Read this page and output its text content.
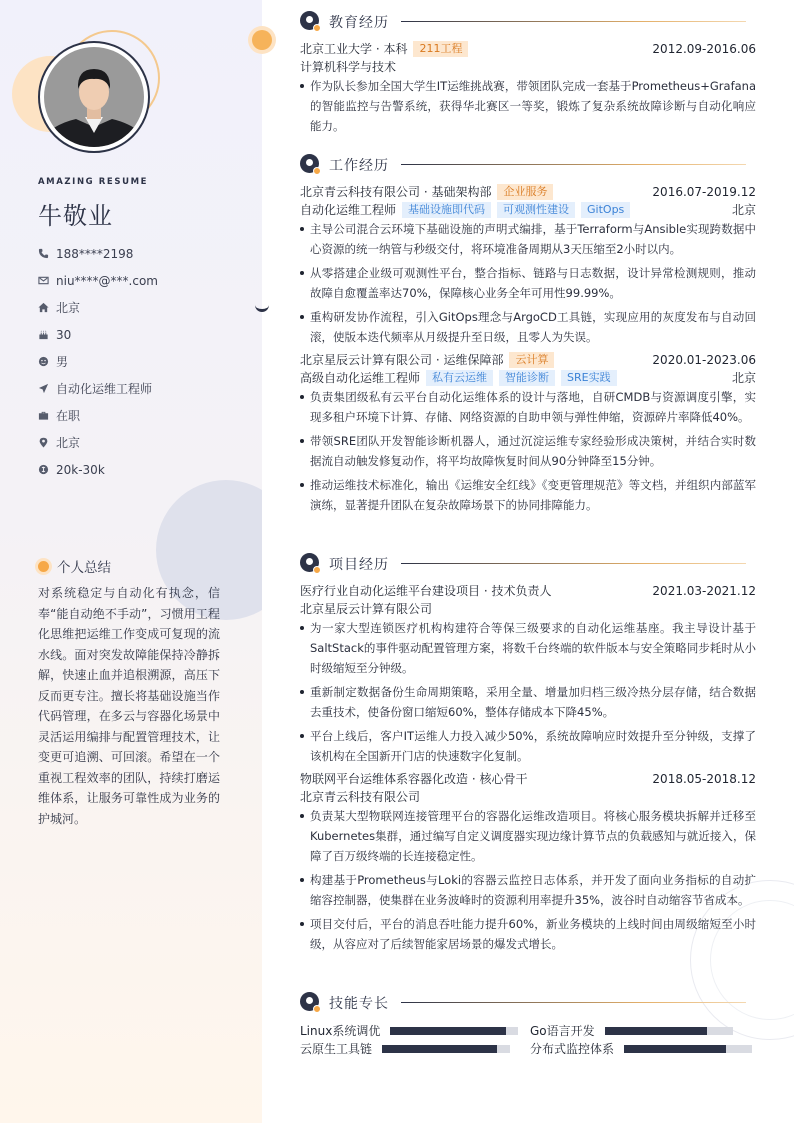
AMAZING RESUME
牛敬业
188****2198
niu****@***.com
北京
30
男
自动化运维工程师
在职
北京
20k-30k
个人总结
对系统稳定与自动化有执念，信奉“能自动绝不手动”，习惯用工程化思维把运维工作变成可复现的流水线。面对突发故障能保持冷静拆解，快速止血并追根溯源，高压下反而更专注。擅长将基础设施当作代码管理，在多云与容器化场景中灵活运用编排与配置管理技术，让变更可追溯、可回滚。希望在一个重视工程效率的团队，持续打磨运维体系，让服务可靠性成为业务的护城河。
教育经历
北京工业大学 · 本科	211工程	2012.09-2016.06
计算机科学与技术
作为队长参加全国大学生IT运维挑战赛，带领团队完成一套基于Prometheus+Grafana的智能监控与告警系统，获得华北赛区一等奖，锻炼了复杂系统故障诊断与自动化响应能力。
工作经历
北京青云科技有限公司 · 基础架构部	企业服务	2016.07-2019.12
自动化运维工程师	基础设施即代码	可观测性建设	GitOps	北京
主导公司混合云环境下基础设施的声明式编排，基于Terraform与Ansible实现跨数据中心资源的统一纳管与秒级交付，将环境准备周期从3天压缩至2小时以内。
从零搭建企业级可观测性平台，整合指标、链路与日志数据，设计异常检测规则，推动故障自愈覆盖率达70%，保障核心业务全年可用性99.99%。
重构研发协作流程，引入GitOps理念与ArgoCD工具链，实现应用的灰度发布与自动回滚，使版本迭代频率从月级提升至日级，且零人为失误。
北京星辰云计算有限公司 · 运维保障部	云计算	2020.01-2023.06
高级自动化运维工程师	私有云运维	智能诊断	SRE实践	北京
负责集团级私有云平台自动化运维体系的设计与落地，自研CMDB与资源调度引擎，实现多租户环境下计算、存储、网络资源的自助申领与弹性伸缩，资源碎片率降低40%。
带领SRE团队开发智能诊断机器人，通过沉淀运维专家经验形成决策树，并结合实时数据流自动触发修复动作，将平均故障恢复时间从90分钟降至15分钟。
推动运维技术标准化，输出《运维安全红线》《变更管理规范》等文档，并组织内部蓝军演练，显著提升团队在复杂故障场景下的协同排障能力。
项目经历
医疗行业自动化运维平台建设项目 · 技术负责人	2021.03-2021.12
北京星辰云计算有限公司
为一家大型连锁医疗机构构建符合等保三级要求的自动化运维基座。我主导设计基于SaltStack的事件驱动配置管理方案，将数千台终端的软件版本与安全策略同步耗时从小时级缩短至分钟级。
重新制定数据备份生命周期策略，采用全量、增量加归档三级冷热分层存储，结合数据去重技术，使备份窗口缩短60%，整体存储成本下降45%。
平台上线后，客户IT运维人力投入减少50%，系统故障响应时效提升至分钟级，支撑了该机构在全国新开门店的快速数字化复制。
物联网平台运维体系容器化改造 · 核心骨干	2018.05-2018.12
北京青云科技有限公司
负责某大型物联网连接管理平台的容器化运维改造项目。将核心服务模块拆解并迁移至Kubernetes集群，通过编写自定义调度器实现边缘计算节点的负载感知与就近接入，保障了百万级终端的长连接稳定性。
构建基于Prometheus与Loki的容器云监控日志体系，并开发了面向业务指标的自动扩缩容控制器，使集群在业务波峰时的资源利用率提升35%，波谷时自动缩容节省成本。
项目交付后，平台的消息吞吐能力提升60%，新业务模块的上线时间由周级缩短至小时级，从容应对了后续智能家居场景的爆发式增长。
技能专长
Linux系统调优	Go语言开发
云原生工具链	分布式监控体系
